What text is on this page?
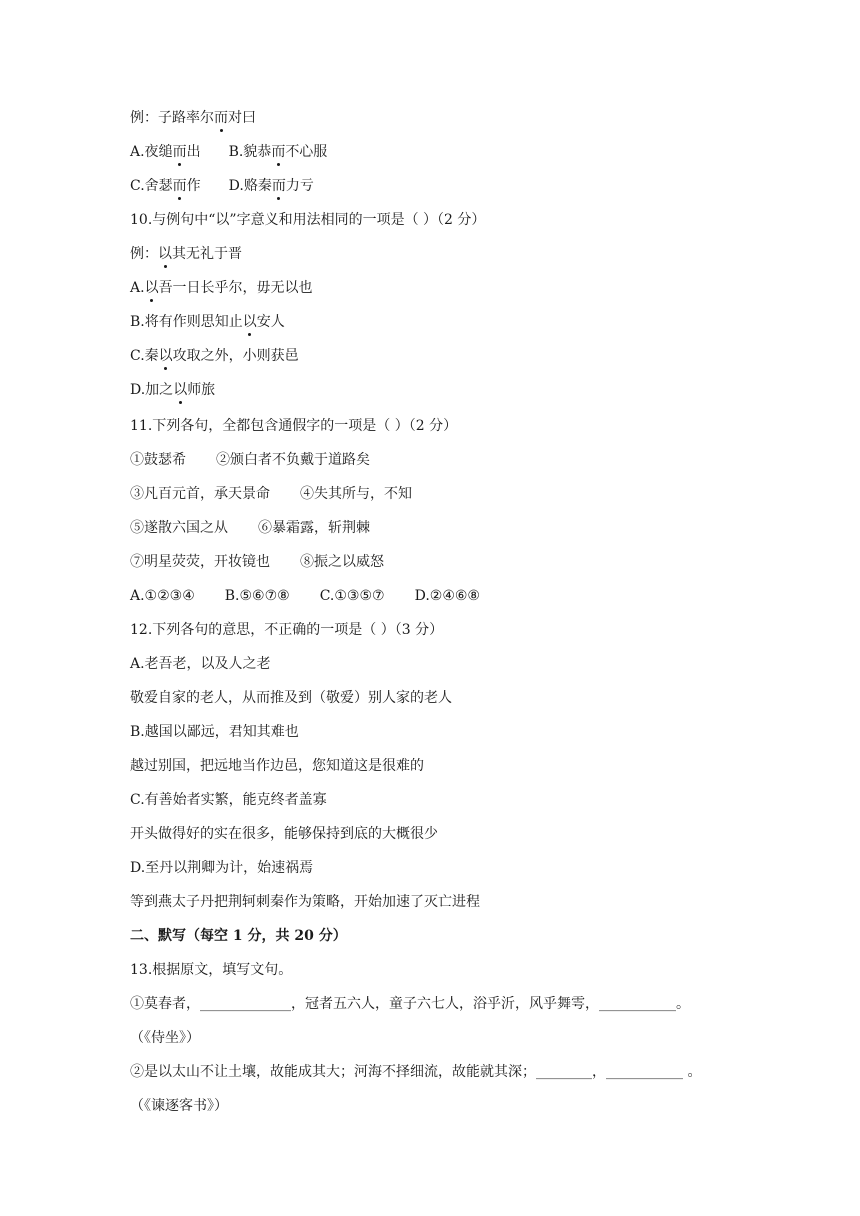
例：子路率尔而对曰
A.夜缒而出 B.貌恭而不心服
C.舍瑟而作 D.赂秦而力亏
10.与例句中“以”字意义和用法相同的一项是（ ）（2 分）
例：以其无礼于晋
A.以吾一日长乎尔，毋无以也
B.将有作则思知止以安人
C.秦以攻取之外，小则获邑
D.加之以师旅
11.下列各句，全都包含通假字的一项是（ ）（2 分）
①鼓瑟希 ②颁白者不负戴于道路矣
③凡百元首，承天景命 ④失其所与，不知
⑤遂散六国之从 ⑥暴霜露，斩荆棘
⑦明星荧荧，开妆镜也 ⑧振之以威怒
A.①②③④ B.⑤⑥⑦⑧ C.①③⑤⑦ D.②④⑥⑧
12.下列各句的意思，不正确的一项是（ ）（3 分）
A.老吾老，以及人之老
敬爱自家的老人，从而推及到（敬爱）别人家的老人
B.越国以鄙远，君知其难也
越过别国，把远地当作边邑，您知道这是很难的
C.有善始者实繁，能克终者盖寡
开头做得好的实在很多，能够保持到底的大概很少
D.至丹以荆卿为计，始速祸焉
等到燕太子丹把荆轲刺秦作为策略，开始加速了灭亡进程
二、默写（每空 1 分，共 20 分）
13.根据原文，填写文句。
①莫春者，_____________，冠者五六人，童子六七人，浴乎沂，风乎舞雩，___________。
（《侍坐》）
②是以太山不让土壤，故能成其大；河海不择细流，故能就其深；________，___________ 。
（《谏逐客书》）
